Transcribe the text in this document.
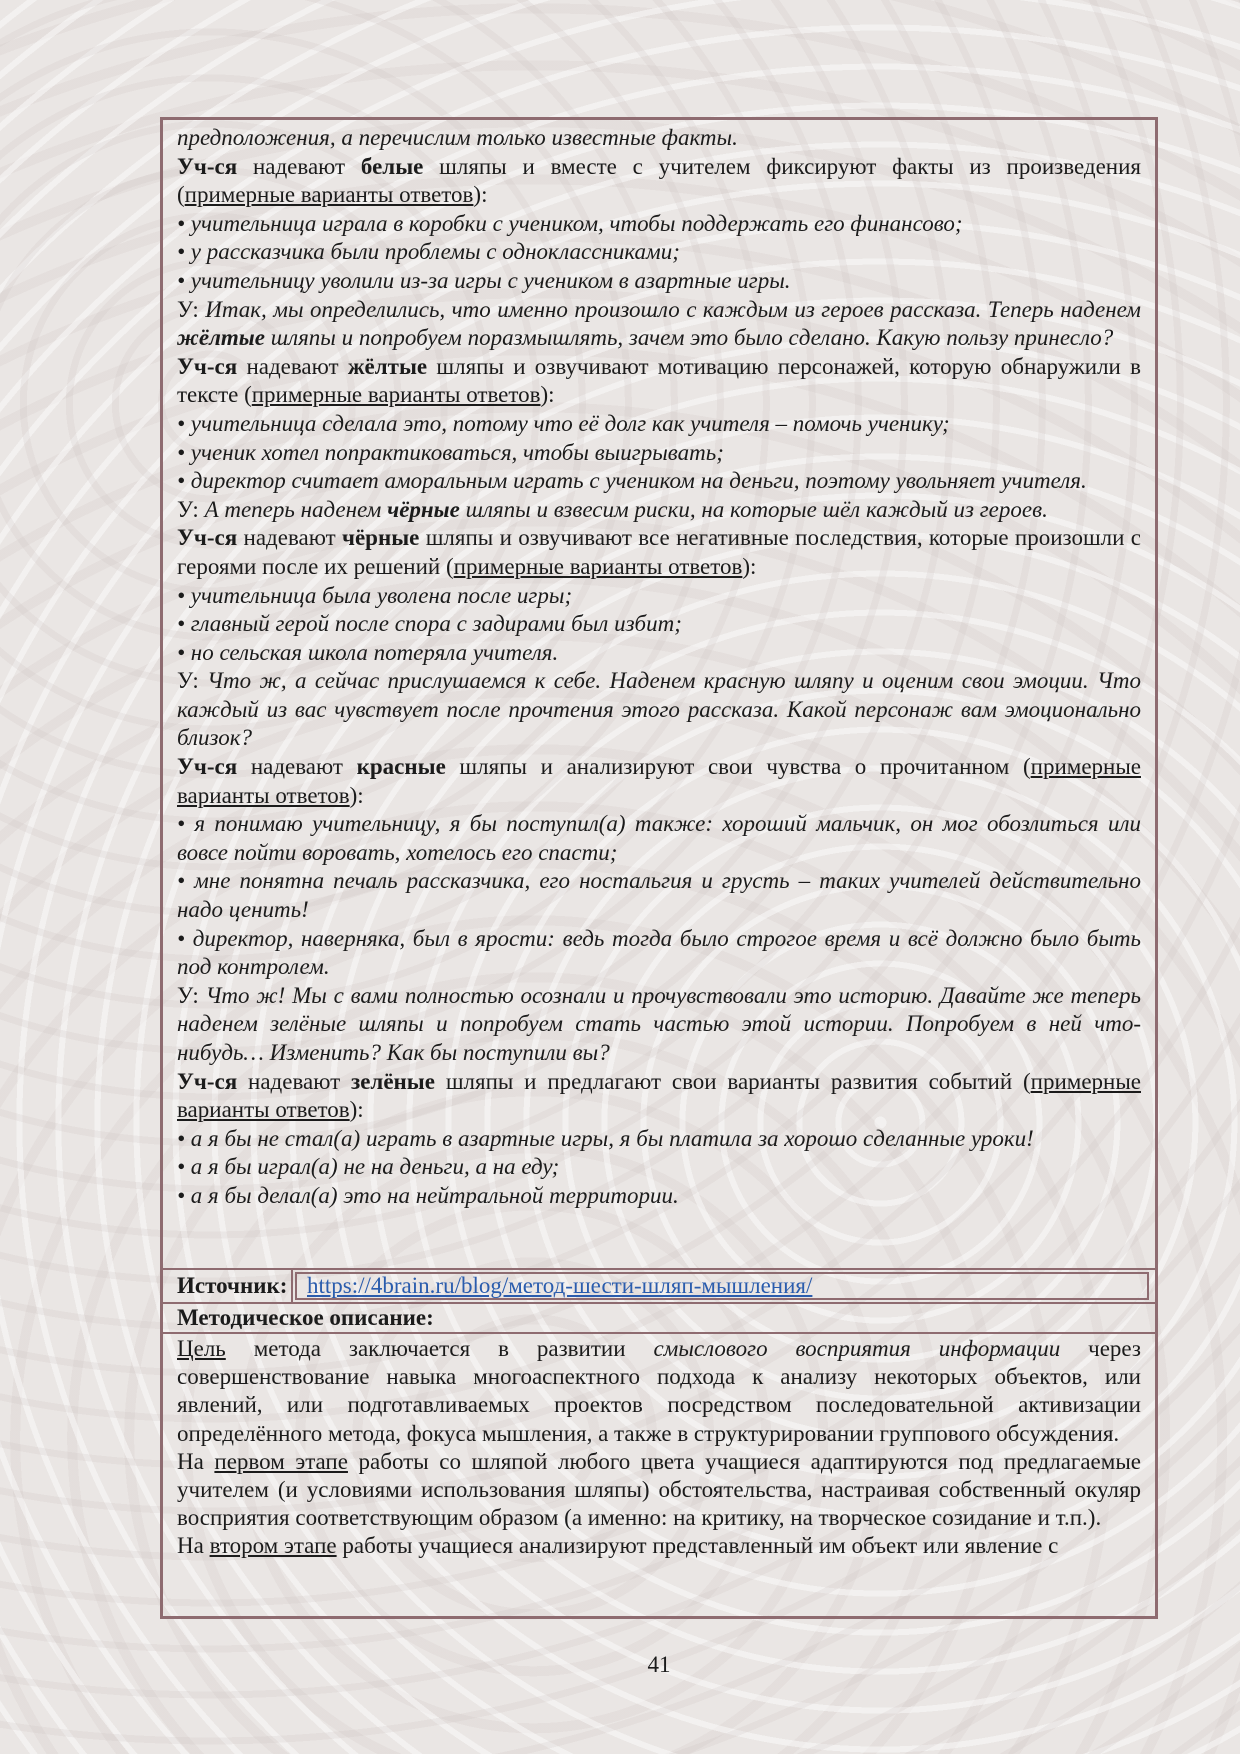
предположения, а перечислим только известные факты.

Уч-ся надевают белые шляпы и вместе с учителем фиксируют факты из произведения (примерные варианты ответов):

• учительница играла в коробки с учеником, чтобы поддержать его финансово;

• у рассказчика были проблемы с одноклассниками;

• учительницу уволили из-за игры с учеником в азартные игры.

У: Итак, мы определились, что именно произошло с каждым из героев рассказа. Теперь наденем жёлтые шляпы и попробуем поразмышлять, зачем это было сделано. Какую пользу принесло?

Уч-ся надевают жёлтые шляпы и озвучивают мотивацию персонажей, которую обнаружили в тексте (примерные варианты ответов):

• учительница сделала это, потому что её долг как учителя – помочь ученику;

• ученик хотел попрактиковаться, чтобы выигрывать;

• директор считает аморальным играть с учеником на деньги, поэтому увольняет учителя.

У: А теперь наденем чёрные шляпы и взвесим риски, на которые шёл каждый из героев.

Уч-ся надевают чёрные шляпы и озвучивают все негативные последствия, которые произошли с героями после их решений (примерные варианты ответов):

• учительница была уволена после игры;

• главный герой после спора с задирами был избит;

• но сельская школа потеряла учителя.

У: Что ж, а сейчас прислушаемся к себе. Наденем красную шляпу и оценим свои эмоции. Что каждый из вас чувствует после прочтения этого рассказа. Какой персонаж вам эмоционально близок?

Уч-ся надевают красные шляпы и анализируют свои чувства о прочитанном (примерные варианты ответов):

• я понимаю учительницу, я бы поступил(а) также: хороший мальчик, он мог обозлиться или вовсе пойти воровать, хотелось его спасти;

• мне понятна печаль рассказчика, его ностальгия и грусть – таких учителей действительно надо ценить!

• директор, наверняка, был в ярости: ведь тогда было строгое время и всё должно было быть под контролем.

У: Что ж! Мы с вами полностью осознали и прочувствовали это историю. Давайте же теперь наденем зелёные шляпы и попробуем стать частью этой истории. Попробуем в ней что-нибудь… Изменить? Как бы поступили вы?

Уч-ся надевают зелёные шляпы и предлагают свои варианты развития событий (примерные варианты ответов):

• а я бы не стал(а) играть в азартные игры, я бы платила за хорошо сделанные уроки!

• а я бы играл(а) не на деньги, а на еду;

• а я бы делал(а) это на нейтральной территории.

Источник: https://4brain.ru/blog/метод-шести-шляп-мышления/
Методическое описание:

Цель метода заключается в развитии смыслового восприятия информации через совершенствование навыка многоаспектного подхода к анализу некоторых объектов, или явлений, или подготавливаемых проектов посредством последовательной активизации определённого метода, фокуса мышления, а также в структурировании группового обсуждения.

На первом этапе работы со шляпой любого цвета учащиеся адаптируются под предлагаемые учителем (и условиями использования шляпы) обстоятельства, настраивая собственный окуляр восприятия соответствующим образом (а именно: на критику, на творческое созидание и т.п.).

На втором этапе работы учащиеся анализируют представленный им объект или явление с

41
